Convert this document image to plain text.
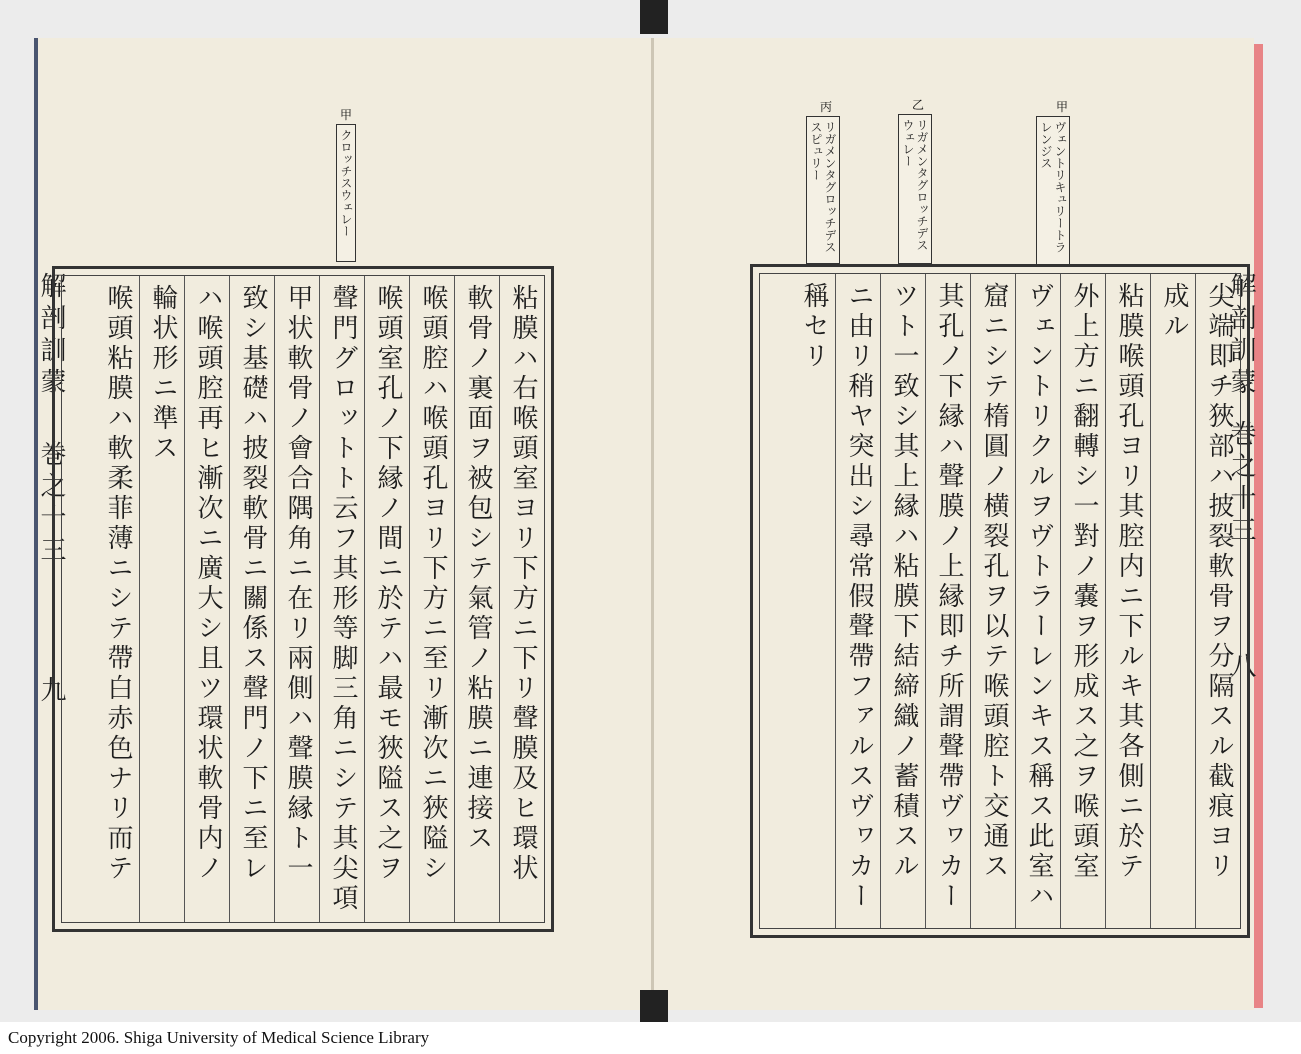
甲
クロッチスウェレー
解剖訓蒙
巻之十三
九	粘膜ハ右喉頭室ヨリ下方ニ下リ聲膜及ヒ環状
軟骨ノ裏面ヲ被包シテ氣管ノ粘膜ニ連接ス
喉頭腔ハ喉頭孔ヨリ下方ニ至リ漸次ニ狹隘シ
喉頭室孔ノ下縁ノ間ニ於テハ最モ狹隘ス之ヲ
聲門グロットト云フ其形等脚三角ニシテ其尖項
甲状軟骨ノ會合隅角ニ在リ兩側ハ聲膜縁ト一
致シ基礎ハ披裂軟骨ニ關係ス聲門ノ下ニ至レ
ハ喉頭腔再ヒ漸次ニ廣大シ且ツ環状軟骨内ノ
輪状形ニ準ス
喉頭粘膜ハ軟柔菲薄ニシテ帶白赤色ナリ而テ
丙
リガメンタグロッチデススピュリー
乙
リガメンタグロッチデスウェレー
甲
ヴェントリキュリートラレンジス
解剖訓蒙
巻之十三
八
尖端即チ狹部ハ披裂軟骨ヲ分隔スル截痕ヨリ
成ル
粘膜喉頭孔ヨリ其腔内ニ下ルキ其各側ニ於テ
外上方ニ翻轉シ一對ノ嚢ヲ形成ス之ヲ喉頭室
ヴェントリクルヲヴトラーレンキス稱ス此室ハ
窟ニシテ楕圓ノ横裂孔ヲ以テ喉頭腔ト交通ス
其孔ノ下縁ハ聲膜ノ上縁即チ所謂聲帶ヴヮカー
ツト一致シ其上縁ハ粘膜下結締織ノ蓄積スル
ニ由リ稍ヤ突出シ尋常假聲帶ファルスヴヮカー
稱セリ
Copyright 2006. Shiga University of Medical Science Library
